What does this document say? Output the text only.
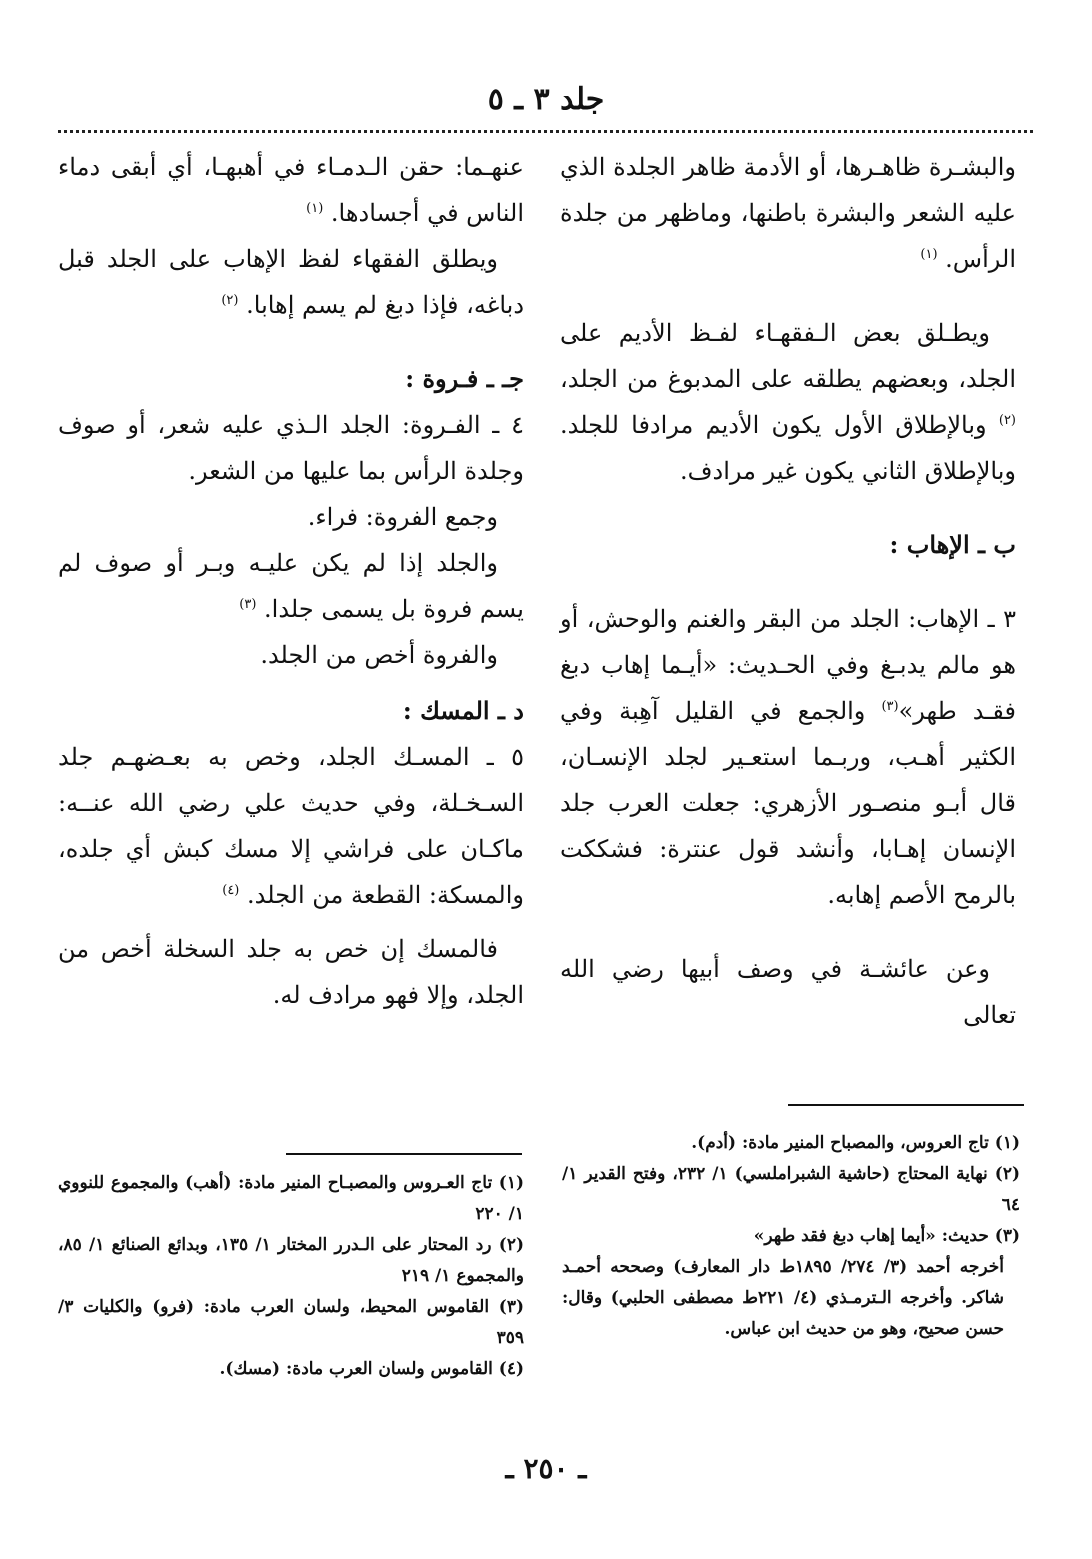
جلد ٣ ـ ٥

والبشـرة ظاهـرها، أو الأدمة ظاهر الجلدة الذي عليه الشعر والبشرة باطنها، وماظهر من جلدة الرأس. $^{(١)}$

ويطـلق بعض الـفقهـاء لفـظ الأديم على الجلد، وبعضهم يطلقه على المدبوغ من الجلد،$^{(٢)}$ وبالإطلاق الأول يكون الأديم مرادفا للجلد. وبالإطلاق الثاني يكون غير مرادف.

ب ـ الإهاب :

٣ ـ الإهاب: الجلد من البقر والغنم والوحش، أو هو مالم يدبـغ وفي الحـديث: «أيـما إهاب دبغ فقـد طهر»$^{(٣)}$ والجمع في القليل آهِبة وفي الكثير أهـب، وربـما استعـير لجلد الإنسـان، قال أبـو منصـور الأزهري: جعلت العرب جلد الإنسان إهـابا، وأنشد قول عنترة: فشككت بالرمح الأصم إهابه.

وعن عائشـة في وصف أبيها رضي الله تعالى

عنهـما: حقن الـدمـاء في أهبهـا، أي أبقى دماء الناس في أجسادها. $^{(١)}$

ويطلق الفقهاء لفظ الإهاب على الجلد قبل دباغه، فإذا دبغ لم يسم إهابا. $^{(٢)}$

جـ ـ فـروة :

٤ ـ الفـروة: الجلد الـذي عليه شعر، أو صوف وجلدة الرأس بما عليها من الشعر.

وجمع الفروة: فراء.

والجلد إذا لم يكن عليـه وبـر أو صوف لم يسم فروة بل يسمى جلدا. $^{(٣)}$

والفروة أخص من الجلد.

د ـ المسك :

٥ ـ المسـك الجلد، وخص به بعـضهـم جلد السـخـلة، وفي حديث علي رضي الله عنــه: ماكـان على فراشي إلا مسك كبش أي جلده، والمسكة: القطعة من الجلد. $^{(٤)}$

فالمسك إن خص به جلد السخلة أخص من الجلد، وإلا فهو مرادف له.

(١) تاج العروس، والمصباح المنير مادة: (أدم).

(٢) نهاية المحتاج (حاشية الشبراملسي) ١/ ٢٣٢، وفتح القدير ١/ ٦٤

(٣) حديث: «أيما إهاب دبغ فقد طهر»

أخرجه أحمد (٣/ ٢٧٤/ ١٨٩٥ط دار المعارف) وصححه أحمـد شاكر. وأخرجه الـترمـذي (٤/ ٢٢١ط مصطفى الحلبي) وقال: حسن صحيح، وهو من حديث ابن عباس.

(١) تاج العـروس والمصبـاح المنير مادة: (أهب) والمجموع للنووي ١/ ٢٢٠

(٢) رد المحتار على الـدرر المختار ١/ ١٣٥، وبدائع الصنائع ١/ ٨٥، والمجموع ١/ ٢١٩

(٣) القاموس المحيط، ولسان العرب مادة: (فرو) والكليات ٣/ ٣٥٩

(٤) القاموس ولسان العرب مادة: (مسك).

ـ ٢٥٠ ـ
